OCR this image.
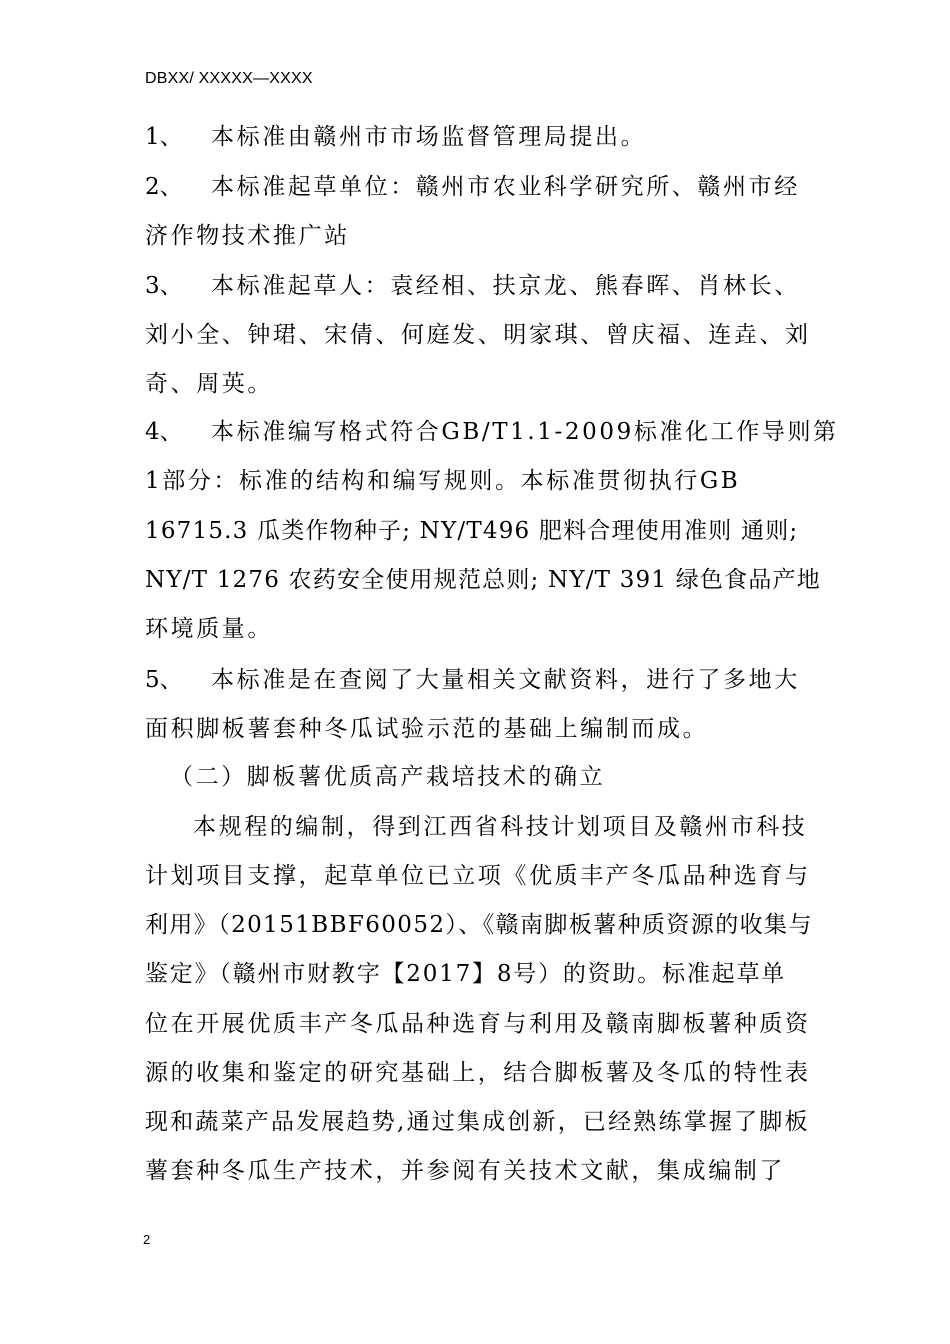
DBXX/ XXXXX—XXXX
1、 本标准由赣州市市场监督管理局提出。
2、 本标准起草单位：赣州市农业科学研究所、赣州市经
济作物技术推广站
3、 本标准起草人：袁经相、扶京龙、熊春晖、肖林长、
刘小全、钟珺、宋倩、何庭发、明家琪、曾庆福、连垚、刘
奇、周英。
4、 本标准编写格式符合GB/T1.1-2009标准化工作导则第
1部分：标准的结构和编写规则。本标准贯彻执行GB
16715.3 瓜类作物种子; NY/T496 肥料合理使用准则 通则;
NY/T 1276 农药安全使用规范总则; NY/T 391 绿色食品产地
环境质量。
5、 本标准是在查阅了大量相关文献资料，进行了多地大
面积脚板薯套种冬瓜试验示范的基础上编制而成。
（二）脚板薯优质高产栽培技术的确立
本规程的编制，得到江西省科技计划项目及赣州市科技
计划项目支撑，起草单位已立项《优质丰产冬瓜品种选育与
利用》（20151BBF60052）、《赣南脚板薯种质资源的收集与
鉴定》（赣州市财教字【2017】8号）的资助。标准起草单
位在开展优质丰产冬瓜品种选育与利用及赣南脚板薯种质资
源的收集和鉴定的研究基础上，结合脚板薯及冬瓜的特性表
现和蔬菜产品发展趋势,通过集成创新，已经熟练掌握了脚板
薯套种冬瓜生产技术，并参阅有关技术文献，集成编制了
2
